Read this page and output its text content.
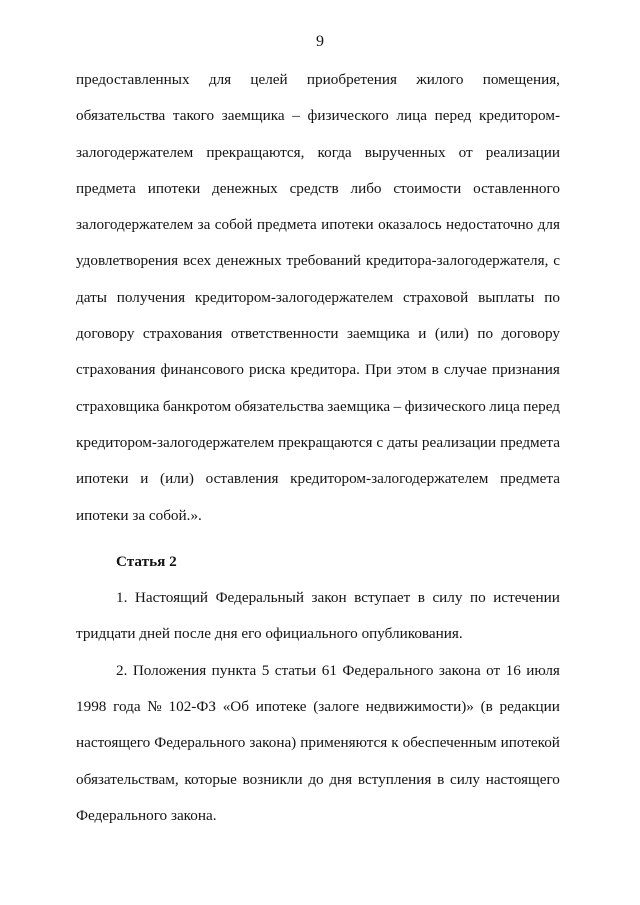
9
предоставленных для целей приобретения жилого помещения,
обязательства такого заемщика – физического лица перед кредитором-
залогодержателем прекращаются, когда вырученных от реализации
предмета ипотеки денежных средств либо стоимости оставленного
залогодержателем за собой предмета ипотеки оказалось недостаточно для
удовлетворения всех денежных требований кредитора-залогодержателя, с
даты получения кредитором-залогодержателем страховой выплаты по
договору страхования ответственности заемщика и (или) по договору
страхования финансового риска кредитора. При этом в случае признания
страховщика банкротом обязательства заемщика – физического лица перед
кредитором-залогодержателем прекращаются с даты реализации предмета
ипотеки и (или) оставления кредитором-залогодержателем предмета
ипотеки за собой.».
Статья 2
1. Настоящий Федеральный закон вступает в силу по истечении
тридцати дней после дня его официального опубликования.
2. Положения пункта 5 статьи 61 Федерального закона от 16 июля
1998 года № 102-ФЗ «Об ипотеке (залоге недвижимости)» (в редакции
настоящего Федерального закона) применяются к обеспеченным ипотекой
обязательствам, которые возникли до дня вступления в силу настоящего
Федерального закона.
